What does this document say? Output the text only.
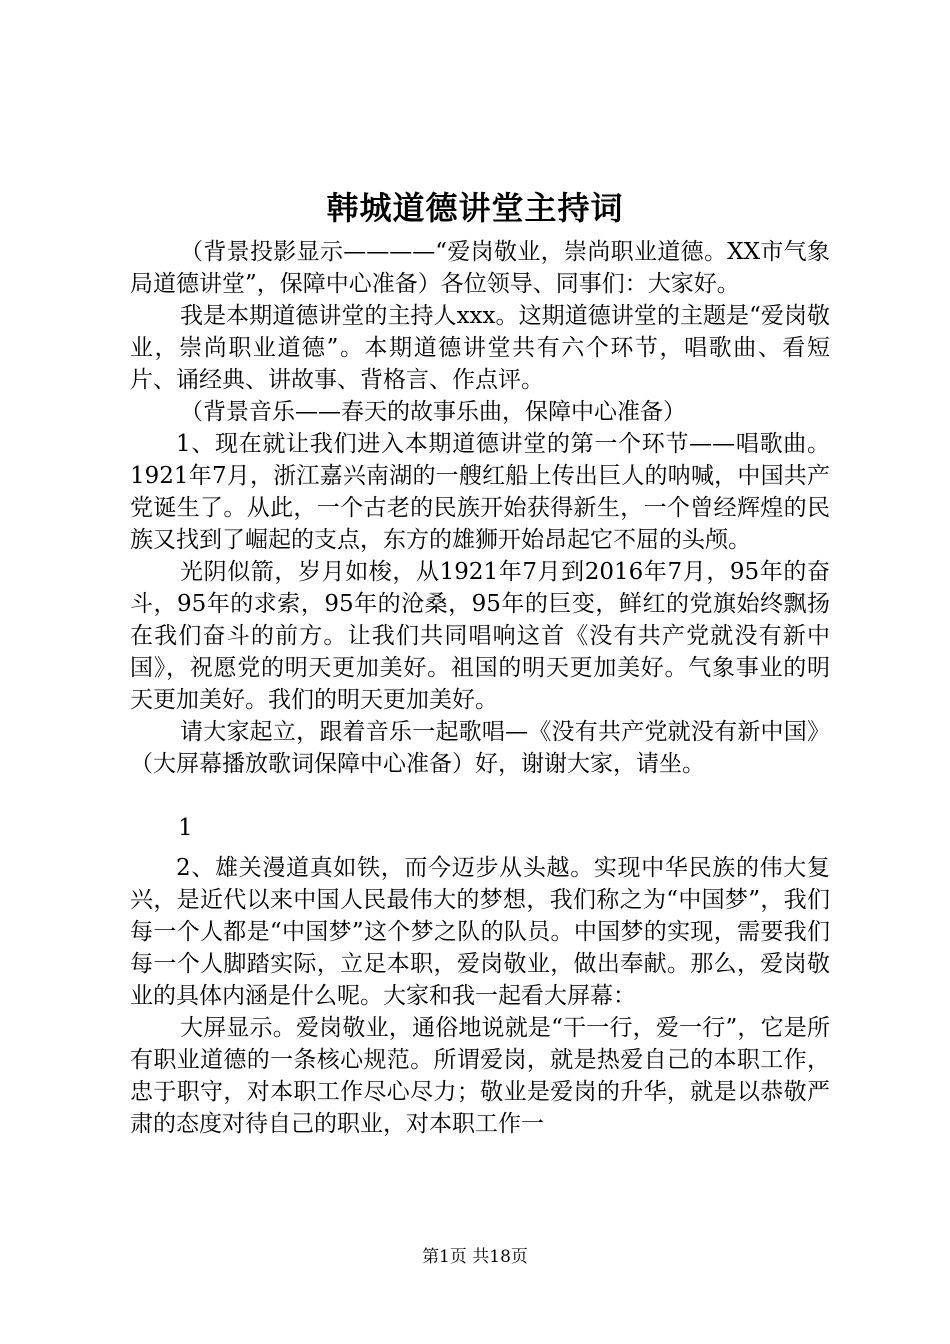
韩城道德讲堂主持词

（背景投影显示————“爱岗敬业，崇尚职业道德。XX市气象局道德讲堂”，保障中心准备）各位领导、同事们：大家好。

我是本期道德讲堂的主持人xxx。这期道德讲堂的主题是“爱岗敬业，崇尚职业道德”。本期道德讲堂共有六个环节，唱歌曲、看短片、诵经典、讲故事、背格言、作点评。

（背景音乐——春天的故事乐曲，保障中心准备）

1、现在就让我们进入本期道德讲堂的第一个环节——唱歌曲。1921年7月，浙江嘉兴南湖的一艘红船上传出巨人的呐喊，中国共产党诞生了。从此，一个古老的民族开始获得新生，一个曾经辉煌的民族又找到了崛起的支点，东方的雄狮开始昂起它不屈的头颅。

光阴似箭，岁月如梭，从1921年7月到2016年7月，95年的奋斗，95年的求索，95年的沧桑，95年的巨变，鲜红的党旗始终飘扬在我们奋斗的前方。让我们共同唱响这首《没有共产党就没有新中国》，祝愿党的明天更加美好。祖国的明天更加美好。气象事业的明天更加美好。我们的明天更加美好。

请大家起立，跟着音乐一起歌唱—《没有共产党就没有新中国》（大屏幕播放歌词保障中心准备）好，谢谢大家，请坐。

1

2、雄关漫道真如铁，而今迈步从头越。实现中华民族的伟大复兴，是近代以来中国人民最伟大的梦想，我们称之为“中国梦”，我们每一个人都是“中国梦”这个梦之队的队员。中国梦的实现，需要我们每一个人脚踏实际，立足本职，爱岗敬业，做出奉献。那么，爱岗敬业的具体内涵是什么呢。大家和我一起看大屏幕：

大屏显示。爱岗敬业，通俗地说就是“干一行，爱一行”，它是所有职业道德的一条核心规范。所谓爱岗，就是热爱自己的本职工作，忠于职守，对本职工作尽心尽力；敬业是爱岗的升华，就是以恭敬严肃的态度对待自己的职业，对本职工作一

第1页 共18页
